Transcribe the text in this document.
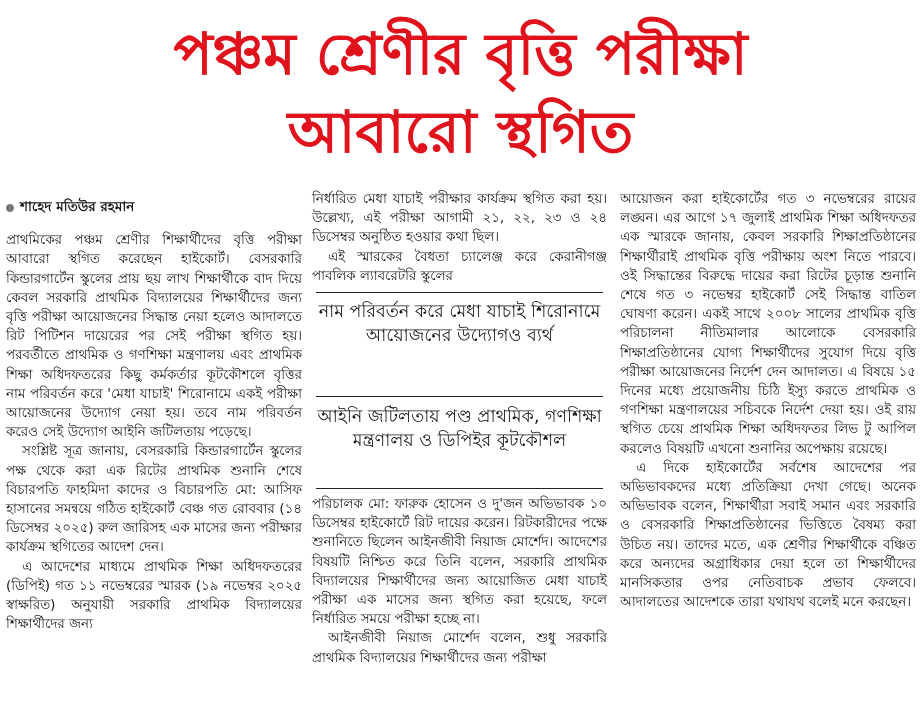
পঞ্চম শ্রেণীর বৃত্তি পরীক্ষা
আবারো স্থগিত

শাহেদ মতিউর রহমান

প্রাথমিকের পঞ্চম শ্রেণীর শিক্ষার্থীদের বৃত্তি পরীক্ষা আবারো স্থগিত করেছেন হাইকোর্ট। বেসরকারি কিন্ডারগার্টেন স্কুলের প্রায় ছয় লাখ শিক্ষার্থীকে বাদ দিয়ে কেবল সরকারি প্রাথমিক বিদ্যালয়ের শিক্ষার্থীদের জন্য বৃত্তি পরীক্ষা আয়োজনের সিদ্ধান্ত নেয়া হলেও আদালতে রিট পিটিশন দায়েরের পর সেই পরীক্ষা স্থগিত হয়। পরবর্তীতে প্রাথমিক ও গণশিক্ষা মন্ত্রণালয় এবং প্রাথমিক শিক্ষা অধিদফতরের কিছু কর্মকর্তার কূটকৌশলে বৃত্তির নাম পরিবর্তন করে 'মেধা যাচাই' শিরোনামে একই পরীক্ষা আয়োজনের উদ্যোগ নেয়া হয়। তবে নাম পরিবর্তন করেও সেই উদ্যোগ আইনি জটিলতায় পড়েছে।

সংশ্লিষ্ট সূত্র জানায়, বেসরকারি কিন্ডারগার্টেন স্কুলের পক্ষ থেকে করা এক রিটের প্রাথমিক শুনানি শেষে বিচারপতি ফাহমিদা কাদের ও বিচারপতি মো: আসিফ হাসানের সমন্বয়ে গঠিত হাইকোর্ট বেঞ্চ গত রোববার (১৪ ডিসেম্বর ২০২৫) রুল জারিসহ এক মাসের জন্য পরীক্ষার কার্যক্রম স্থগিতের আদেশ দেন।

এ আদেশের মাধ্যমে প্রাথমিক শিক্ষা অধিদফতরের (ডিপিই) গত ১১ নভেম্বরের স্মারক (১৯ নভেম্বর ২০২৫ স্বাক্ষরিত) অনুযায়ী সরকারি প্রাথমিক বিদ্যালয়ের শিক্ষার্থীদের জন্য

নির্ধারিত মেধা যাচাই পরীক্ষার কার্যক্রম স্থগিত করা হয়। উল্লেখ্য, এই পরীক্ষা আগামী ২১, ২২, ২৩ ও ২৪ ডিসেম্বর অনুষ্ঠিত হওয়ার কথা ছিল।

এই স্মারকের বৈধতা চ্যালেঞ্জ করে কেরানীগঞ্জ পাবলিক ল্যাবরেটরি স্কুলের

নাম পরিবর্তন করে মেধা যাচাই শিরোনামে আয়োজনের উদ্যোগও ব্যর্থ
আইনি জটিলতায় পণ্ড প্রাথমিক, গণশিক্ষা মন্ত্রণালয় ও ডিপিইর কূটকৌশল

পরিচালক মো: ফারুক হোসেন ও দু'জন অভিভাবক ১০ ডিসেম্বর হাইকোর্টে রিট দায়ের করেন। রিটকারীদের পক্ষে শুনানিতে ছিলেন আইনজীবী নিয়াজ মোর্শেদ। আদেশের বিষয়টি নিশ্চিত করে তিনি বলেন, সরকারি প্রাথমিক বিদ্যালয়ের শিক্ষার্থীদের জন্য আয়োজিত মেধা যাচাই পরীক্ষা এক মাসের জন্য স্থগিত করা হয়েছে, ফলে নির্ধারিত সময়ে পরীক্ষা হচ্ছে না।

আইনজীবী নিয়াজ মোর্শেদ বলেন, শুধু সরকারি প্রাথমিক বিদ্যালয়ের শিক্ষার্থীদের জন্য পরীক্ষা

আয়োজন করা হাইকোর্টের গত ৩ নভেম্বরের রায়ের লঙ্ঘন। এর আগে ১৭ জুলাই প্রাথমিক শিক্ষা অধিদফতর এক স্মারকে জানায়, কেবল সরকারি শিক্ষাপ্রতিষ্ঠানের শিক্ষার্থীরাই প্রাথমিক বৃত্তি পরীক্ষায় অংশ নিতে পারবে। ওই সিদ্ধান্তের বিরুদ্ধে দায়ের করা রিটের চূড়ান্ত শুনানি শেষে গত ৩ নভেম্বর হাইকোর্ট সেই সিদ্ধান্ত বাতিল ঘোষণা করেন। একই সাথে ২০০৮ সালের প্রাথমিক বৃত্তি পরিচালনা নীতিমালার আলোকে বেসরকারি শিক্ষাপ্রতিষ্ঠানের যোগ্য শিক্ষার্থীদের সুযোগ দিয়ে বৃত্তি পরীক্ষা আয়োজনের নির্দেশ দেন আদালত। এ বিষয়ে ১৫ দিনের মধ্যে প্রয়োজনীয় চিঠি ইস্যু করতে প্রাথমিক ও গণশিক্ষা মন্ত্রণালয়ের সচিবকে নির্দেশ দেয়া হয়। ওই রায় স্থগিত চেয়ে প্রাথমিক শিক্ষা অধিদফতর লিভ টু আপিল করলেও বিষয়টি এখনো শুনানির অপেক্ষায় রয়েছে।

এ দিকে হাইকোর্টের সর্বশেষ আদেশের পর অভিভাবকদের মধ্যে প্রতিক্রিয়া দেখা গেছে। অনেক অভিভাবক বলেন, শিক্ষার্থীরা সবাই সমান এবং সরকারি ও বেসরকারি শিক্ষাপ্রতিষ্ঠানের ভিত্তিতে বৈষম্য করা উচিত নয়। তাদের মতে, এক শ্রেণীর শিক্ষার্থীকে বঞ্চিত করে অন্যদের অগ্রাধিকার দেয়া হলে তা শিক্ষার্থীদের মানসিকতার ওপর নেতিবাচক প্রভাব ফেলবে। আদালতের আদেশকে তারা যথাযথ বলেই মনে করছেন।
